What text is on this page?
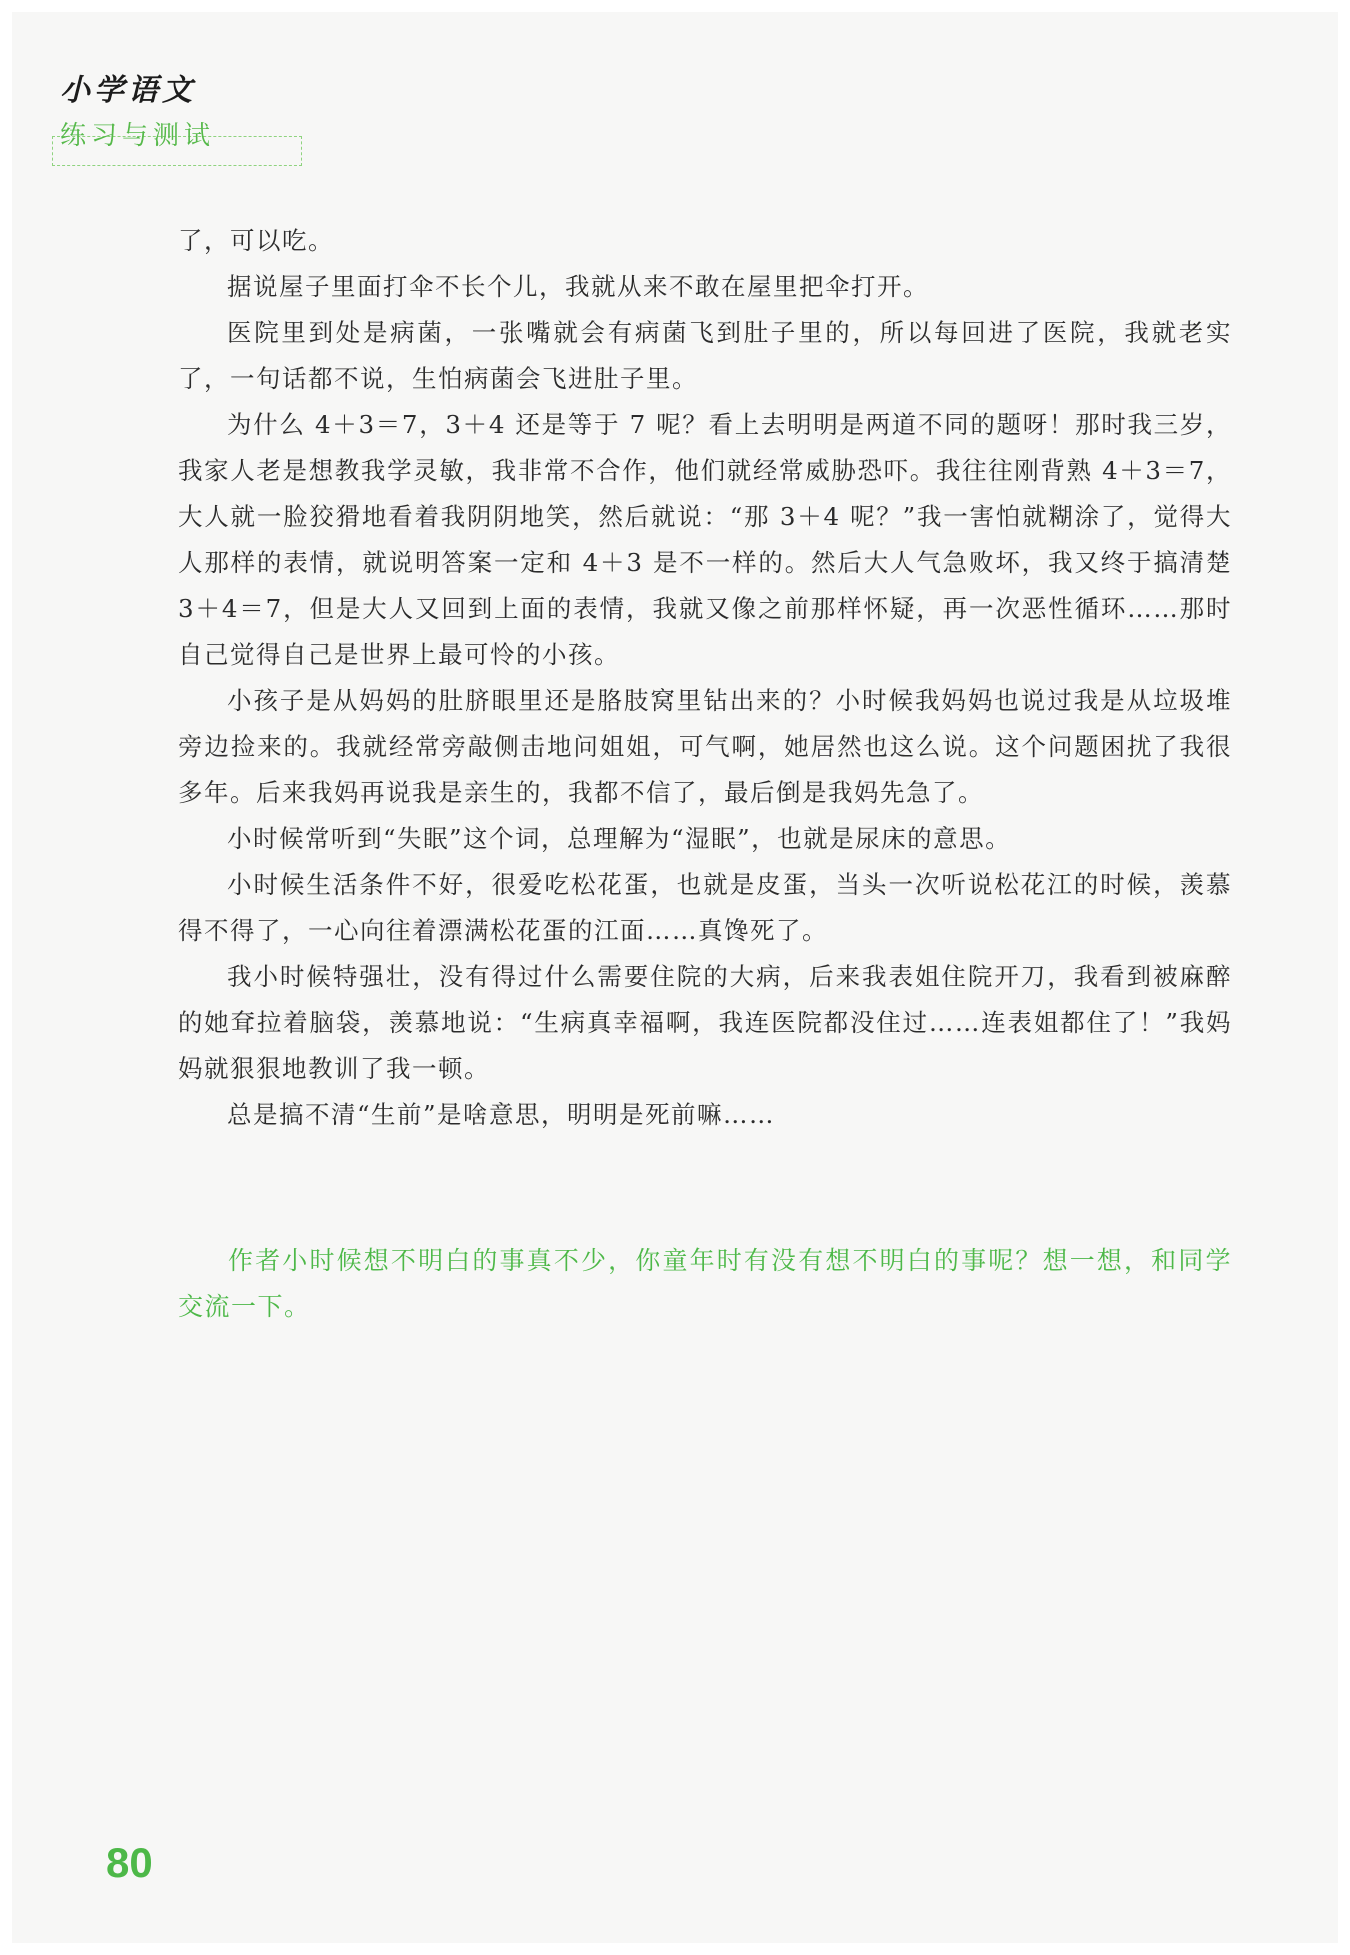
小学语文
练习与测试

了，可以吃。

据说屋子里面打伞不长个儿，我就从来不敢在屋里把伞打开。

医院里到处是病菌，一张嘴就会有病菌飞到肚子里的，所以每回进了医院，我就老实了，一句话都不说，生怕病菌会飞进肚子里。

为什么 4＋3＝7，3＋4 还是等于 7 呢？看上去明明是两道不同的题呀！那时我三岁，我家人老是想教我学灵敏，我非常不合作，他们就经常威胁恐吓。我往往刚背熟 4＋3＝7，大人就一脸狡猾地看着我阴阴地笑，然后就说：“那 3＋4 呢？”我一害怕就糊涂了，觉得大人那样的表情，就说明答案一定和 4＋3 是不一样的。然后大人气急败坏，我又终于搞清楚 3＋4＝7，但是大人又回到上面的表情，我就又像之前那样怀疑，再一次恶性循环……那时自己觉得自己是世界上最可怜的小孩。

小孩子是从妈妈的肚脐眼里还是胳肢窝里钻出来的？小时候我妈妈也说过我是从垃圾堆旁边捡来的。我就经常旁敲侧击地问姐姐，可气啊，她居然也这么说。这个问题困扰了我很多年。后来我妈再说我是亲生的，我都不信了，最后倒是我妈先急了。

小时候常听到“失眠”这个词，总理解为“湿眠”，也就是尿床的意思。

小时候生活条件不好，很爱吃松花蛋，也就是皮蛋，当头一次听说松花江的时候，羡慕得不得了，一心向往着漂满松花蛋的江面……真馋死了。

我小时候特强壮，没有得过什么需要住院的大病，后来我表姐住院开刀，我看到被麻醉的她耷拉着脑袋，羡慕地说：“生病真幸福啊，我连医院都没住过……连表姐都住了！”我妈妈就狠狠地教训了我一顿。

总是搞不清“生前”是啥意思，明明是死前嘛……

作者小时候想不明白的事真不少，你童年时有没有想不明白的事呢？想一想，和同学交流一下。

80
